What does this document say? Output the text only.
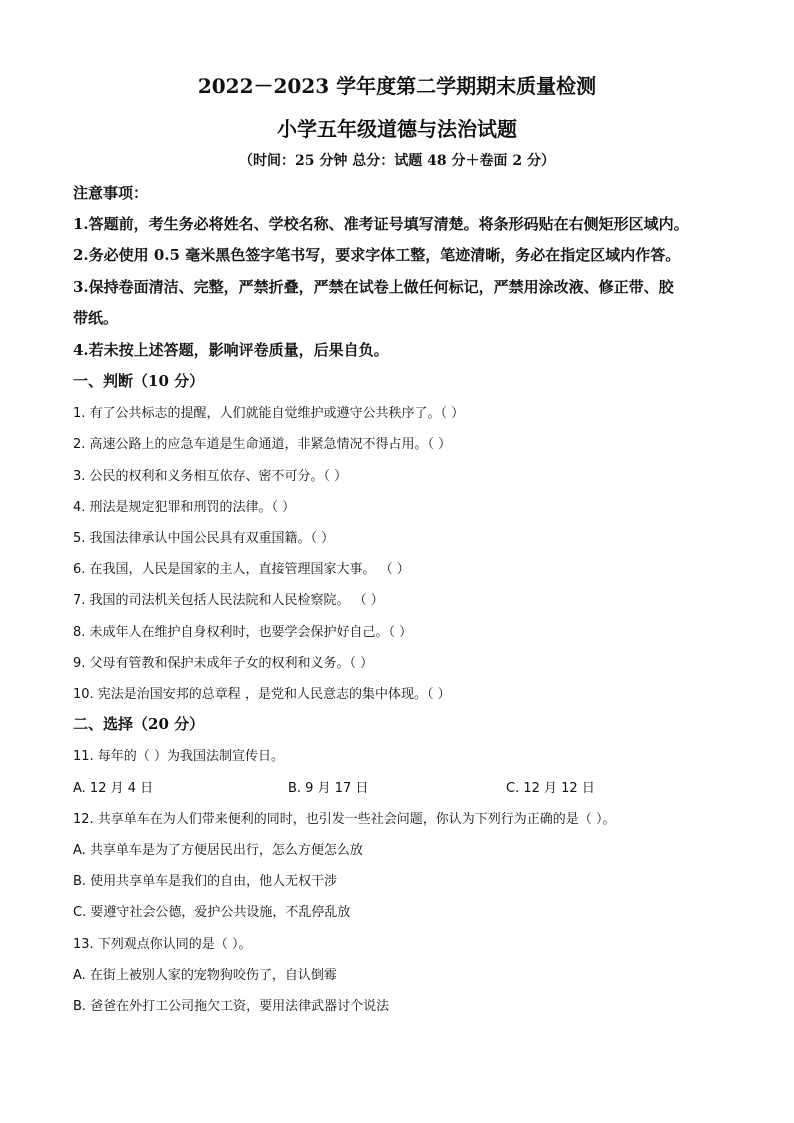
2022－2023 学年度第二学期期末质量检测
小学五年级道德与法治试题
（时间：25 分钟 总分：试题 48 分＋卷面 2 分）
注意事项：
1.答题前，考生务必将姓名、学校名称、准考证号填写清楚。将条形码贴在右侧矩形区域内。
2.务必使用 0.5 毫米黑色签字笔书写，要求字体工整，笔迹清晰，务必在指定区域内作答。
3.保持卷面清洁、完整，严禁折叠，严禁在试卷上做任何标记，严禁用涂改液、修正带、胶
带纸。
4.若未按上述答题，影响评卷质量，后果自负。
一、判断（10 分）
1. 有了公共标志的提醒，人们就能自觉维护或遵守公共秩序了。（ ）
2. 高速公路上的应急车道是生命通道，非紧急情况不得占用。（ ）
3. 公民的权利和义务相互依存、密不可分。（ ）
4. 刑法是规定犯罪和刑罚的法律。（ ）
5. 我国法律承认中国公民具有双重国籍。（ ）
6. 在我国，人民是国家的主人，直接管理国家大事。 （ ）
7. 我国的司法机关包括人民法院和人民检察院。 （ ）
8. 未成年人在维护自身权利时，也要学会保护好自己。（ ）
9. 父母有管教和保护未成年子女的权利和义务。（ ）
10. 宪法是治国安邦的总章程 ，是党和人民意志的集中体现。（ ）
二、选择（20 分）
11. 每年的（ ）为我国法制宣传日。
A. 12 月 4 日	B. 9 月 17 日	C. 12 月 12 日
12. 共享单车在为人们带来便利的同时，也引发一些社会问题，你认为下列行为正确的是（ ）。
A. 共享单车是为了方便居民出行，怎么方便怎么放
B. 使用共享单车是我们的自由，他人无权干涉
C. 要遵守社会公德，爱护公共设施，不乱停乱放
13. 下列观点你认同的是（ ）。
A. 在街上被别人家的宠物狗咬伤了，自认倒霉
B. 爸爸在外打工公司拖欠工资，要用法律武器讨个说法
